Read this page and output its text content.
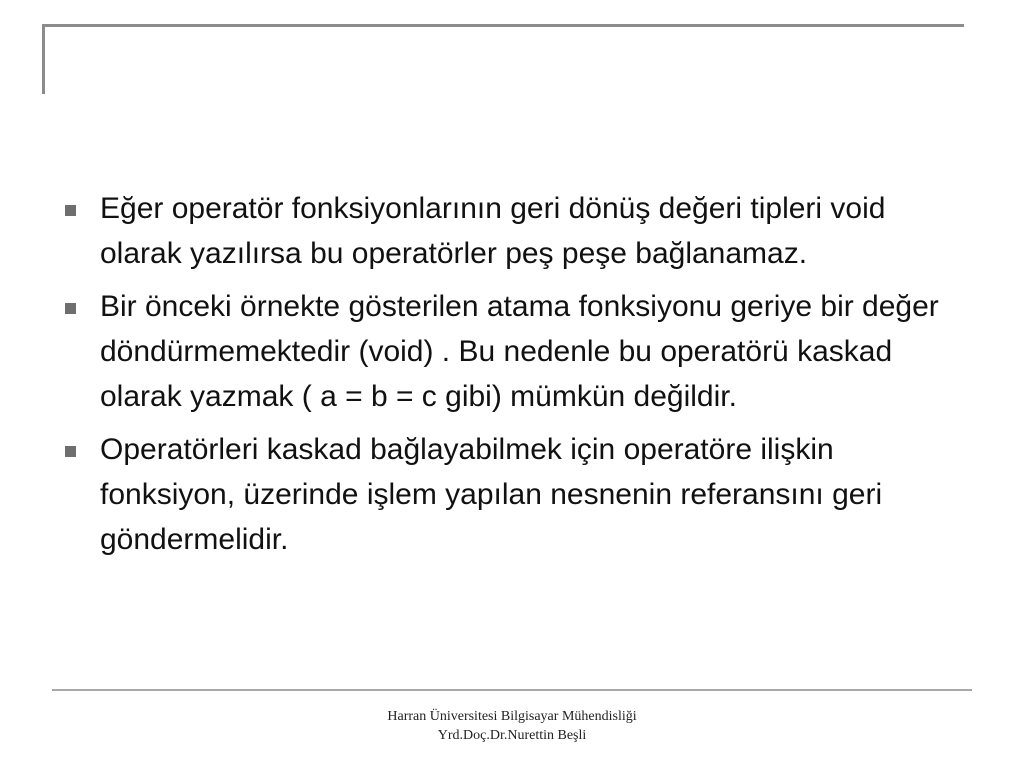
Eğer operatör fonksiyonlarının geri dönüş değeri tipleri void olarak yazılırsa bu operatörler peş peşe bağlanamaz.
Bir önceki örnekte gösterilen atama fonksiyonu geriye bir değer döndürmemektedir (void) . Bu nedenle bu operatörü kaskad olarak yazmak ( a = b = c gibi) mümkün değildir.
Operatörleri kaskad bağlayabilmek için operatöre ilişkin fonksiyon, üzerinde işlem yapılan nesnenin referansını geri göndermelidir.
Harran Üniversitesi Bilgisayar Mühendisliği
Yrd.Doç.Dr.Nurettin Beşli
